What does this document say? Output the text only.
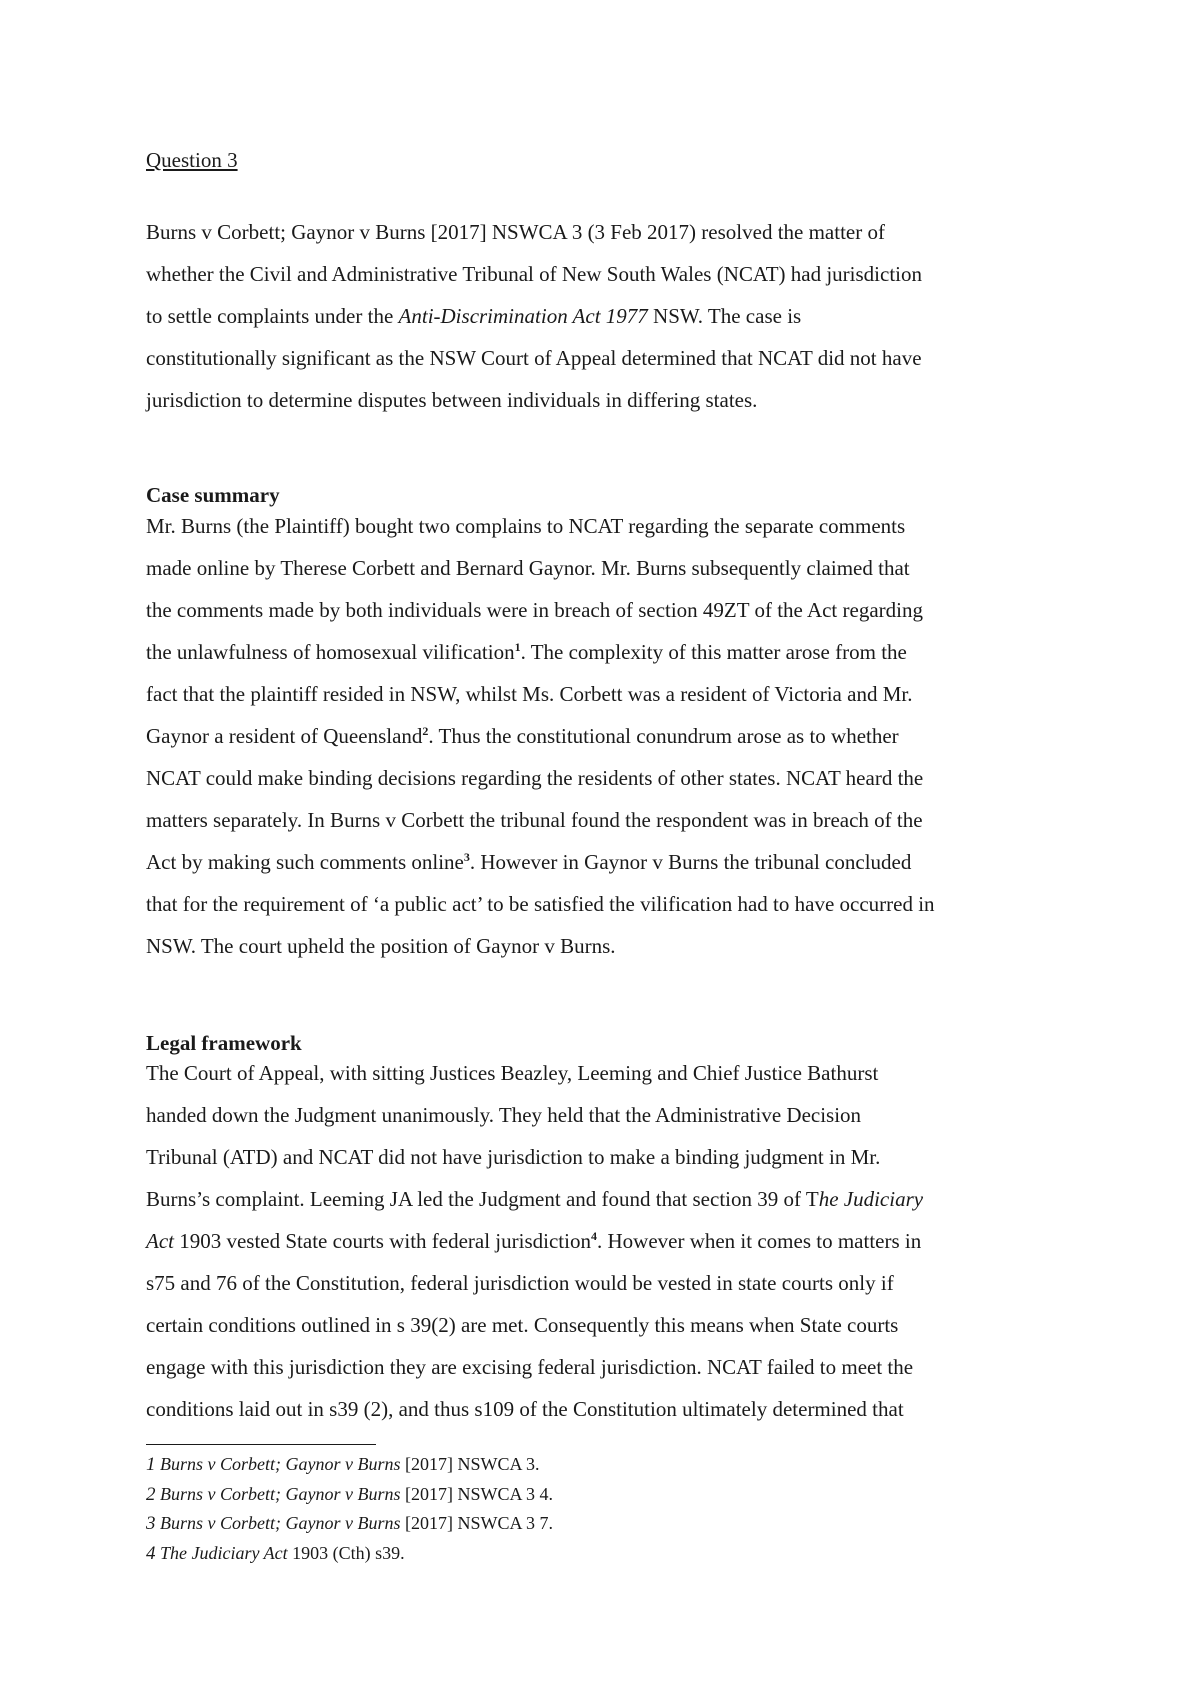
Question 3

Burns v Corbett; Gaynor v Burns [2017] NSWCA 3 (3 Feb 2017) resolved the matter of
whether the Civil and Administrative Tribunal of New South Wales (NCAT) had jurisdiction
to settle complaints under the Anti-Discrimination Act 1977 NSW. The case is
constitutionally significant as the NSW Court of Appeal determined that NCAT did not have
jurisdiction to determine disputes between individuals in differing states.

Case summary

Mr. Burns (the Plaintiff) bought two complains to NCAT regarding the separate comments
made online by Therese Corbett and Bernard Gaynor. Mr. Burns subsequently claimed that
the comments made by both individuals were in breach of section 49ZT of the Act regarding
the unlawfulness of homosexual vilification$^1$. The complexity of this matter arose from the
fact that the plaintiff resided in NSW, whilst Ms. Corbett was a resident of Victoria and Mr.
Gaynor a resident of Queensland$^2$. Thus the constitutional conundrum arose as to whether
NCAT could make binding decisions regarding the residents of other states. NCAT heard the
matters separately. In Burns v Corbett the tribunal found the respondent was in breach of the
Act by making such comments online$^3$. However in Gaynor v Burns the tribunal concluded
that for the requirement of ‘a public act’ to be satisfied the vilification had to have occurred in
NSW. The court upheld the position of Gaynor v Burns.

Legal framework

The Court of Appeal, with sitting Justices Beazley, Leeming and Chief Justice Bathurst
handed down the Judgment unanimously. They held that the Administrative Decision
Tribunal (ATD) and NCAT did not have jurisdiction to make a binding judgment in Mr.
Burns’s complaint. Leeming JA led the Judgment and found that section 39 of The Judiciary
Act 1903 vested State courts with federal jurisdiction$^4$. However when it comes to matters in
s75 and 76 of the Constitution, federal jurisdiction would be vested in state courts only if
certain conditions outlined in s 39(2) are met. Consequently this means when State courts
engage with this jurisdiction they are excising federal jurisdiction. NCAT failed to meet the
conditions laid out in s39 (2), and thus s109 of the Constitution ultimately determined that

1 Burns v Corbett; Gaynor v Burns [2017] NSWCA 3.
2 Burns v Corbett; Gaynor v Burns [2017] NSWCA 3 4.
3 Burns v Corbett; Gaynor v Burns [2017] NSWCA 3 7.
4 The Judiciary Act 1903 (Cth) s39.
